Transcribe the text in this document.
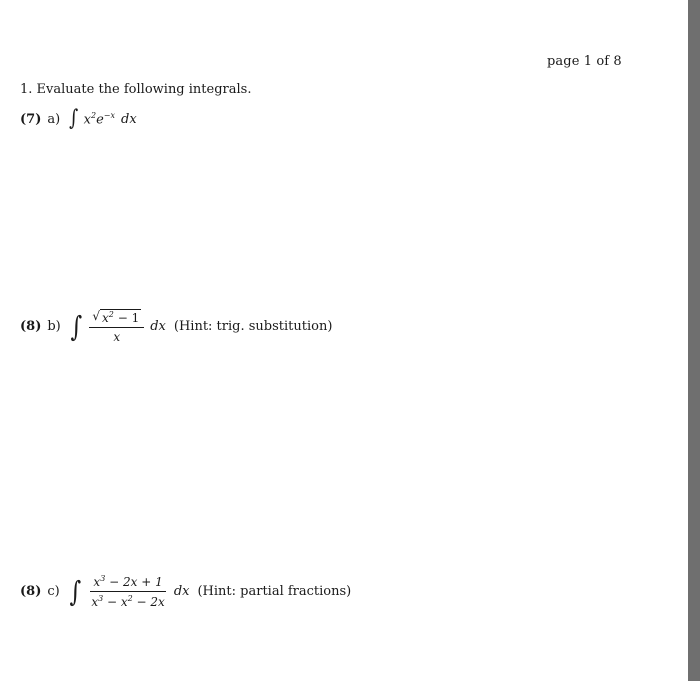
page 1 of 8
1. Evaluate the following integrals.
(7) a) ∫ $x^2e^{-x}$ dx
(8) b) ∫ $\frac{√ x^2 - 1}{x}$ dx (Hint: trig. substitution)
(8) c) ∫ $\frac{x^3 - 2x + 1}{x^3 - x^2 - 2x}$ dx (Hint: partial fractions)
